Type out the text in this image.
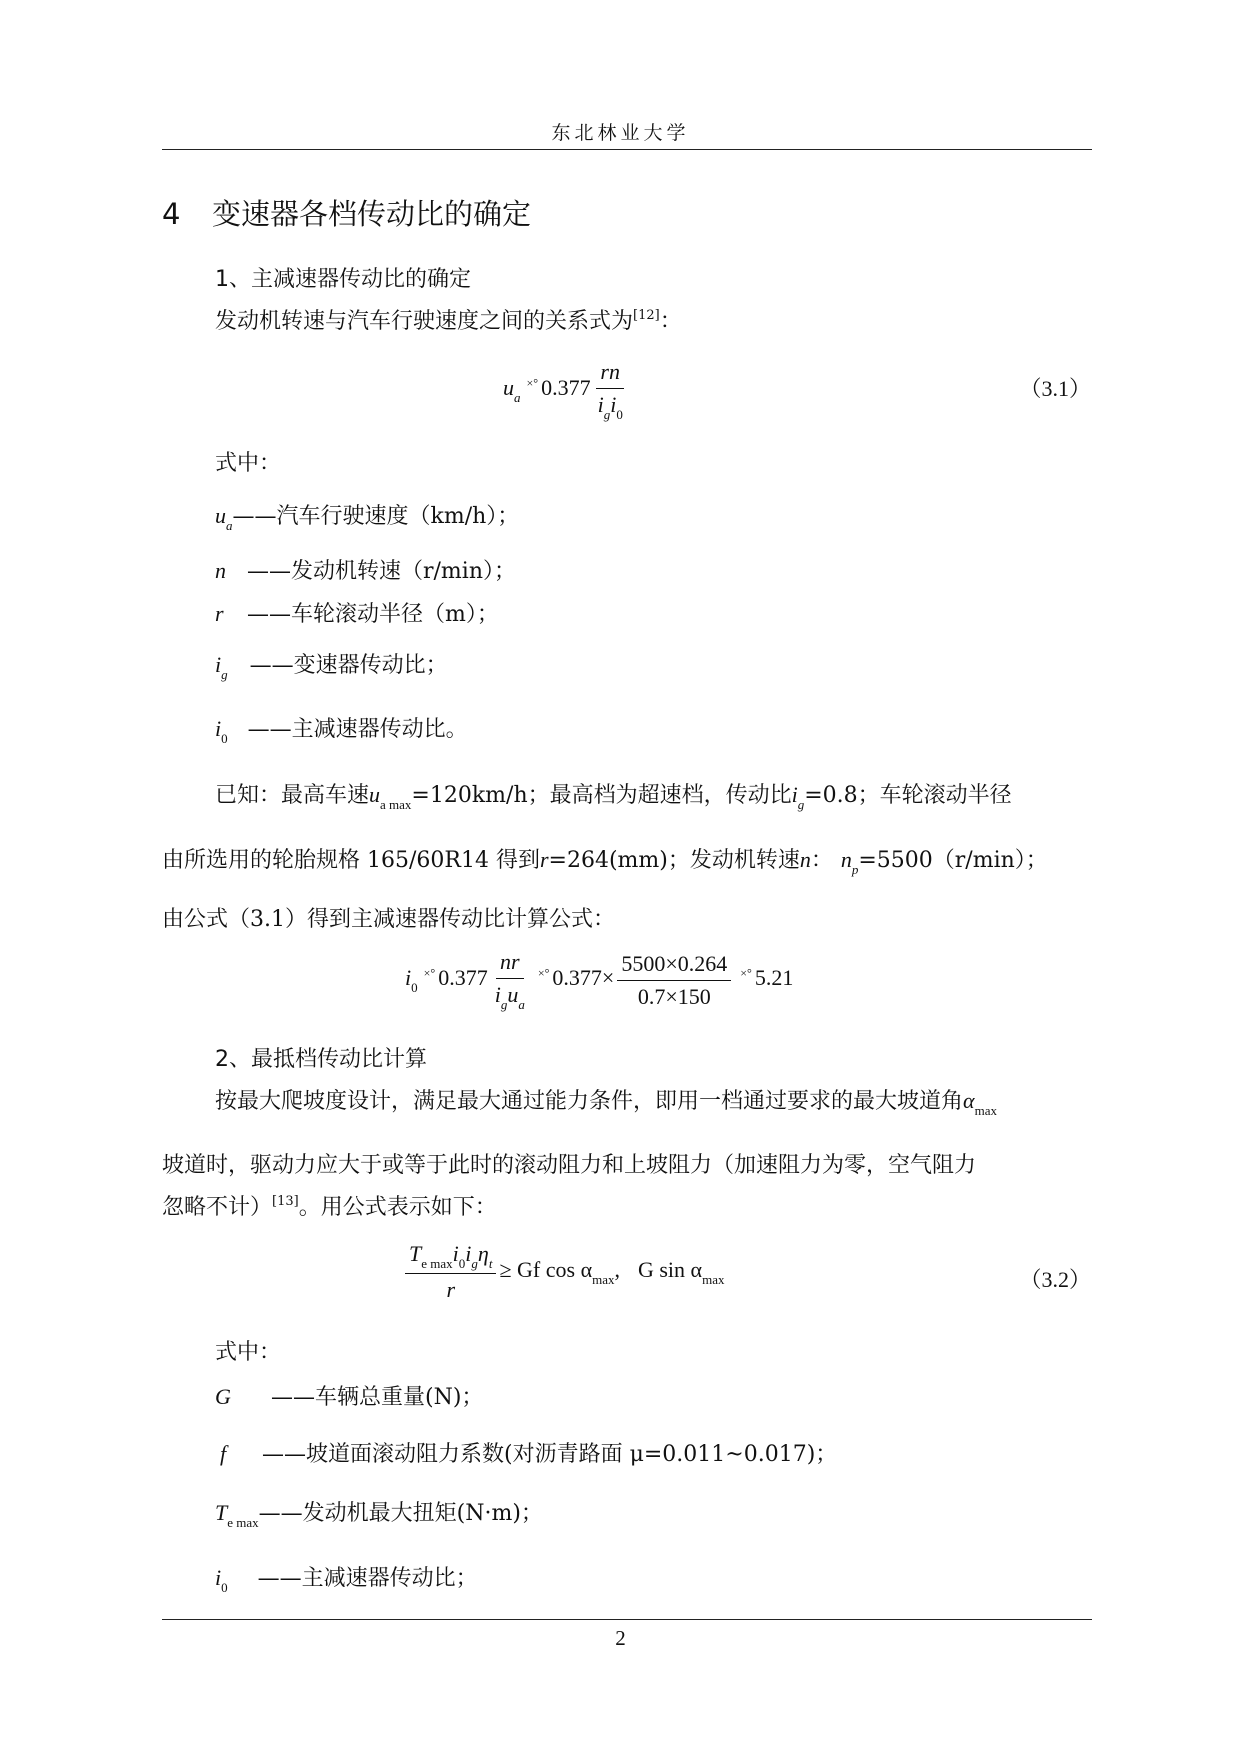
东北林业大学
4 变速器各档传动比的确定
1、主减速器传动比的确定
发动机转速与汽车行驶速度之间的关系式为[12]：
$u_a^{\times^\circ}$ $0.377 \frac{rn}{i_gi_0}$	（3.1）
式中：
$u_a——$汽车行驶速度（km/h）；
n ——发动机转速（r/min）；
r ——车轮滚动半径（m）；
$i_g$ ——变速器传动比；
$i_0$ ——主减速器传动比。
已知：最高车速$u_{a max}=120km/h$；最高档为超速档，传动比$i_g=0.8$；车轮滚动半径
由所选用的轮胎规格 165/60R14 得到r=264(mm)；发动机转速n： $n_p=5500(r/\min)$；
由公式（3.1）得到主减速器传动比计算公式：
$i_0^{\times^\circ}$ $0.377 \frac{nr}{i_gu_a} ^{\times^\circ}$ $0.377\times \frac{5500\times 0.264}{0.7\times 150} ^{\times^\circ}$ 5.21
2、最抵档传动比计算
按最大爬坡度设计，满足最大通过能力条件，即用一档通过要求的最大坡道角$\alpha_{max}$
坡道时，驱动力应大于或等于此时的滚动阻力和上坡阻力（加速阻力为零，空气阻力
忽略不计）[13]。用公式表示如下：
$\frac{T_{e max}i_0i_g\eta_t}{r} \ge Gf$ $\cos \alpha_{max}$, G $\sin \alpha_{max}$	（3.2）
式中：
G ——车辆总重量(N)；
f ——坡道面滚动阻力系数(对沥青路面 μ=0.011~0.017)；
$T_{e max}——$发动机最大扭矩(N·m)；
$i_0$ ——主减速器传动比；
2
